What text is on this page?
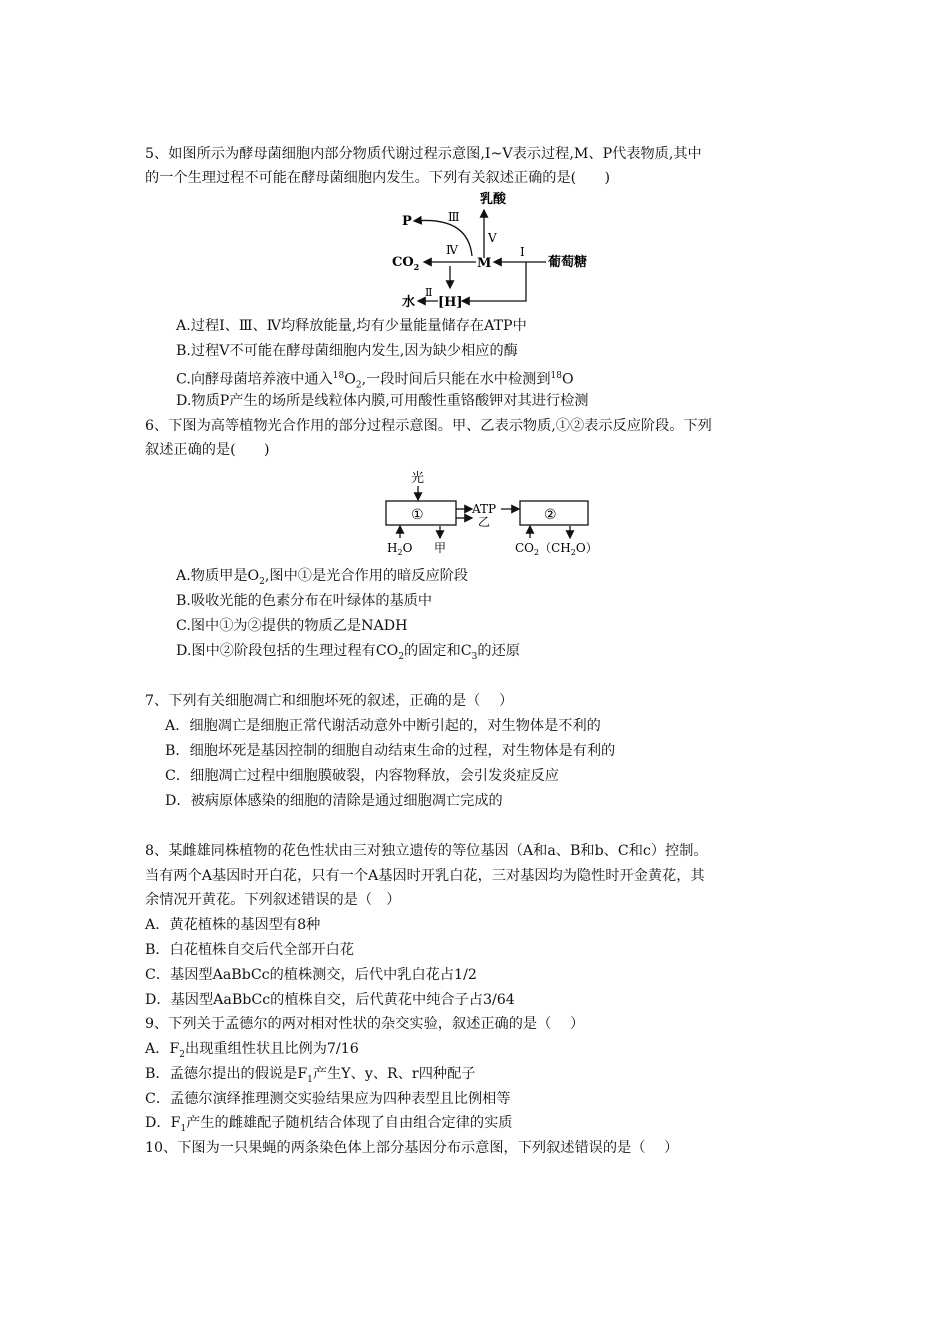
5、如图所示为酵母菌细胞内部分物质代谢过程示意图,Ⅰ~Ⅴ表示过程,M、P代表物质,其中
的一个生理过程不可能在酵母菌细胞内发生。下列有关叙述正确的是(　　)
乳酸
Ⅴ
P	Ⅲ
Ⅳ
$CO_2$	M
I
葡萄糖
水
Ⅱ
[H]
A.过程Ⅰ、Ⅲ、Ⅳ均释放能量,均有少量能量储存在ATP中
B.过程Ⅴ不可能在酵母菌细胞内发生,因为缺少相应的酶
C.向酵母菌培养液中通入$^{18}O_2$,一段时间后只能在水中检测到$^{18}$O
D.物质P产生的场所是线粒体内膜,可用酸性重铬酸钾对其进行检测
6、下图为高等植物光合作用的部分过程示意图。甲、乙表示物质,①②表示反应阶段。下列
叙述正确的是(　　)
光
①	②
ATP
乙
$H_2O$ 甲	$CO_2(CH_2O)$
A.物质甲是$O_2$,图中①是光合作用的暗反应阶段
B.吸收光能的色素分布在叶绿体的基质中
C.图中①为②提供的物质乙是NADH
D.图中②阶段包括的生理过程有$CO_2$的固定和$C_3$的还原
7、下列有关细胞凋亡和细胞坏死的叙述，正确的是（　 ）
A．细胞凋亡是细胞正常代谢活动意外中断引起的，对生物体是不利的
B．细胞坏死是基因控制的细胞自动结束生命的过程，对生物体是有利的
C．细胞凋亡过程中细胞膜破裂，内容物释放，会引发炎症反应
D．被病原体感染的细胞的清除是通过细胞凋亡完成的
8、某雌雄同株植物的花色性状由三对独立遗传的等位基因（A和a、B和b、C和c）控制。
当有两个A基因时开白花，只有一个A基因时开乳白花，三对基因均为隐性时开金黄花，其
余情况开黄花。下列叙述错误的是（　）
A．黄花植株的基因型有8种
B．白花植株自交后代全部开白花
C．基因型AaBbCc的植株测交，后代中乳白花占1/2
D．基因型AaBbCc的植株自交，后代黄花中纯合子占3/64
9、下列关于孟德尔的两对相对性状的杂交实验，叙述正确的是（　 ）
A．$F_2$出现重组性状且比例为7/16
B．孟德尔提出的假说是$F_1$产生Y、y、R、r四种配子
C．孟德尔演绎推理测交实验结果应为四种表型且比例相等
D．$F_1$产生的雌雄配子随机结合体现了自由组合定律的实质
10、下图为一只果蝇的两条染色体上部分基因分布示意图，下列叙述错误的是（　 ）
